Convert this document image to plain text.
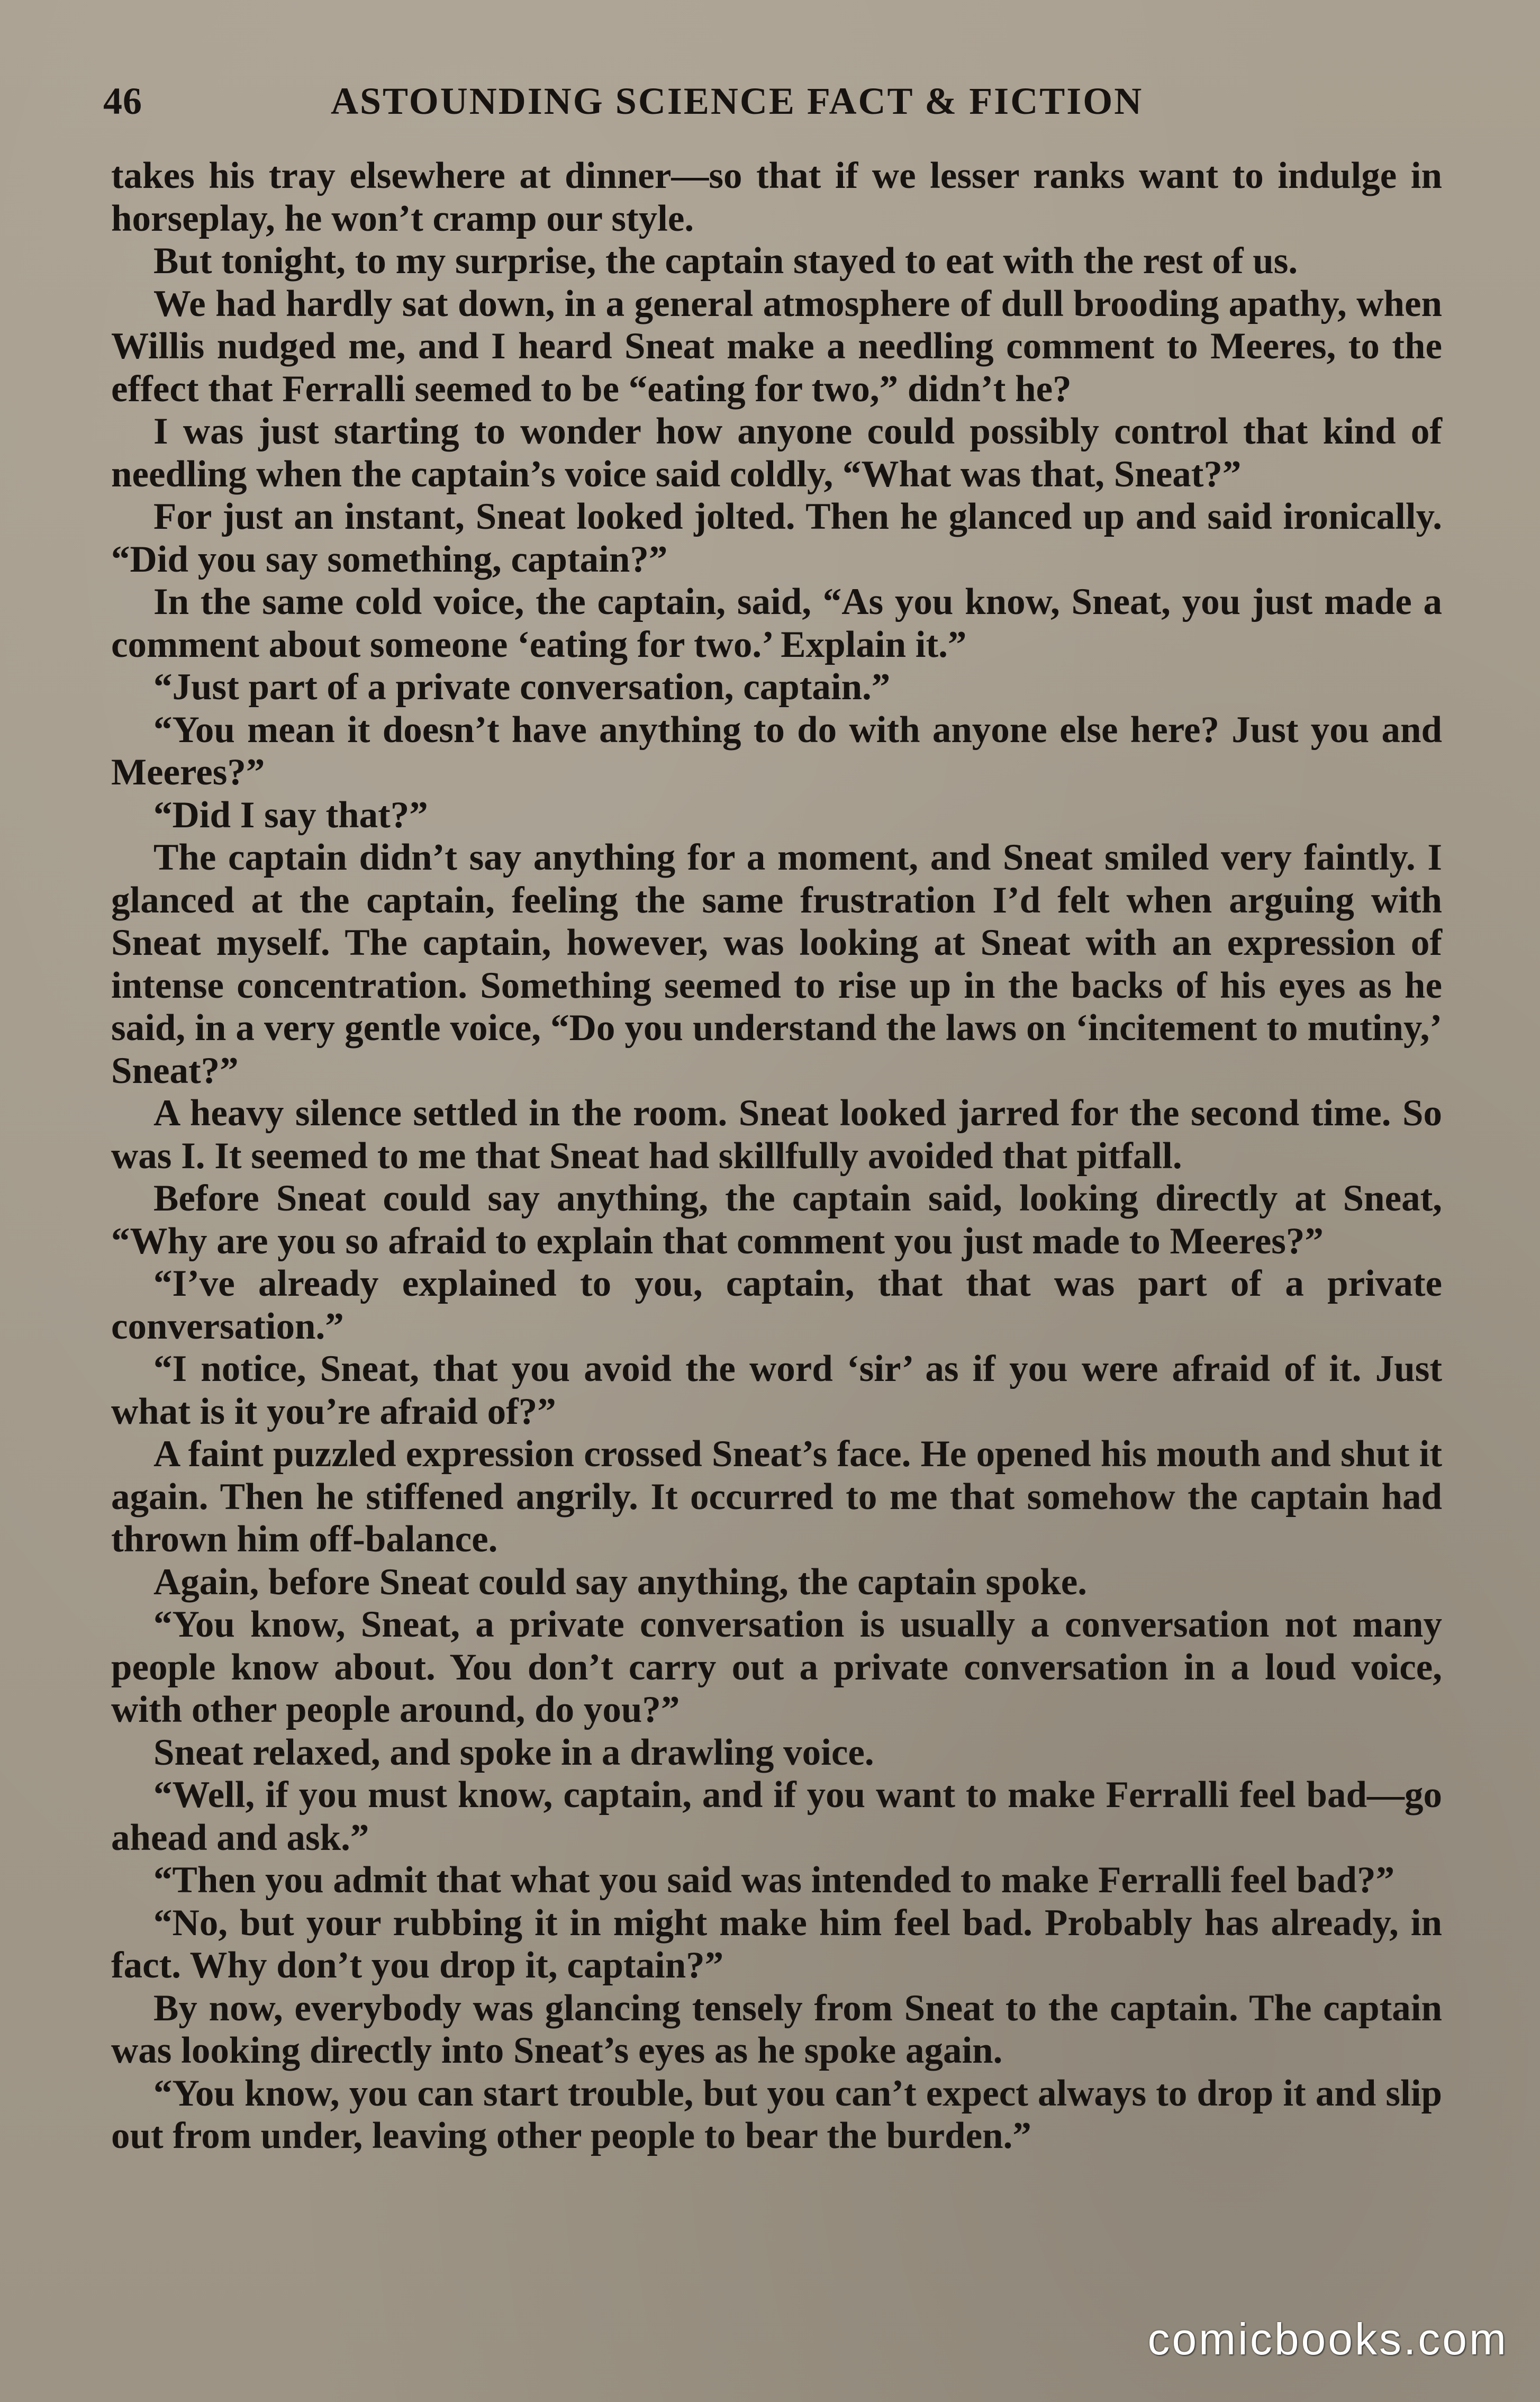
46	ASTOUNDING SCIENCE FACT & FICTION

takes his tray elsewhere at dinner—so that if we lesser ranks want to indulge in horseplay, he won’t cramp our style.

But tonight, to my surprise, the captain stayed to eat with the rest of us.

We had hardly sat down, in a general atmosphere of dull brooding apathy, when Willis nudged me, and I heard Sneat make a needling comment to Meeres, to the effect that Ferralli seemed to be “eating for two,” didn’t he?

I was just starting to wonder how anyone could possibly control that kind of needling when the captain’s voice said coldly, “What was that, Sneat?”

For just an instant, Sneat looked jolted. Then he glanced up and said ironically. “Did you say something, captain?”

In the same cold voice, the captain, said, “As you know, Sneat, you just made a comment about someone ‘eating for two.’ Explain it.”

“Just part of a private conversation, captain.”

“You mean it doesn’t have anything to do with anyone else here? Just you and Meeres?”

“Did I say that?”

The captain didn’t say anything for a moment, and Sneat smiled very faintly. I glanced at the captain, feeling the same frustration I’d felt when arguing with Sneat myself. The captain, however, was looking at Sneat with an expression of intense concentration. Something seemed to rise up in the backs of his eyes as he said, in a very gentle voice, “Do you understand the laws on ‘incitement to mutiny,’ Sneat?”

A heavy silence settled in the room. Sneat looked jarred for the second time. So was I. It seemed to me that Sneat had skillfully avoided that pitfall.

Before Sneat could say anything, the captain said, looking directly at Sneat, “Why are you so afraid to explain that comment you just made to Meeres?”

“I’ve already explained to you, captain, that that was part of a private conversation.”

“I notice, Sneat, that you avoid the word ‘sir’ as if you were afraid of it. Just what is it you’re afraid of?”

A faint puzzled expression crossed Sneat’s face. He opened his mouth and shut it again. Then he stiffened angrily. It occurred to me that somehow the captain had thrown him off-balance.

Again, before Sneat could say anything, the captain spoke.

“You know, Sneat, a private conversation is usually a conversation not many people know about. You don’t carry out a private conversation in a loud voice, with other people around, do you?”

Sneat relaxed, and spoke in a drawling voice.

“Well, if you must know, captain, and if you want to make Ferralli feel bad—go ahead and ask.”

“Then you admit that what you said was intended to make Ferralli feel bad?”

“No, but your rubbing it in might make him feel bad. Probably has already, in fact. Why don’t you drop it, captain?”

By now, everybody was glancing tensely from Sneat to the captain. The captain was looking directly into Sneat’s eyes as he spoke again.

“You know, you can start trouble, but you can’t expect always to drop it and slip out from under, leaving other people to bear the burden.”

comicbooks.com
